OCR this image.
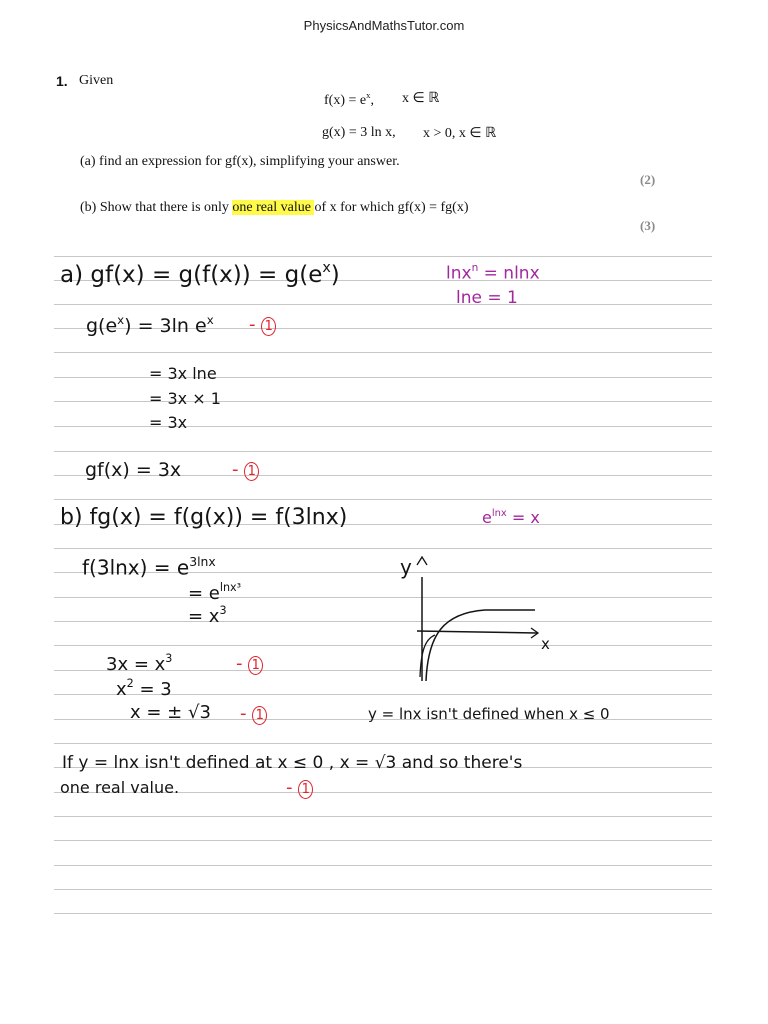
PhysicsAndMathsTutor.com
1. Given
$f(x) = e^x$, x ∈ ℝ
g(x) = 3 ln x, x > 0, x ∈ ℝ
(a) find an expression for gf(x), simplifying your answer.
(2)
(b) Show that there is only one real value of x for which gf(x) = fg(x)
(3)
a) $gf(x) = g(f(x)) = g(e^x)$	lnx$^n$ = nlnx
lne = 1
$g(e^x) = 3\ln$ $e^x - 1$
= 3x lne
= 3x × 1
= 3x
gf(x) = 3x	- 1
b) fg(x) = f(g(x)) = f(3lnx)	$e^{lnx} = x$
$f(3\ln x) = e^{3lnx}$
= $e^{lnx^3}$
= $x^3$
y
x
$3x = x^3$	- 1
$x^2 = 3$
x = ± √3 - 1	y = lnx isn't defined when x ≤ 0
If y = lnx isn't defined at x ≤ 0 , x = √3 and so there's
one real value.	- 1
